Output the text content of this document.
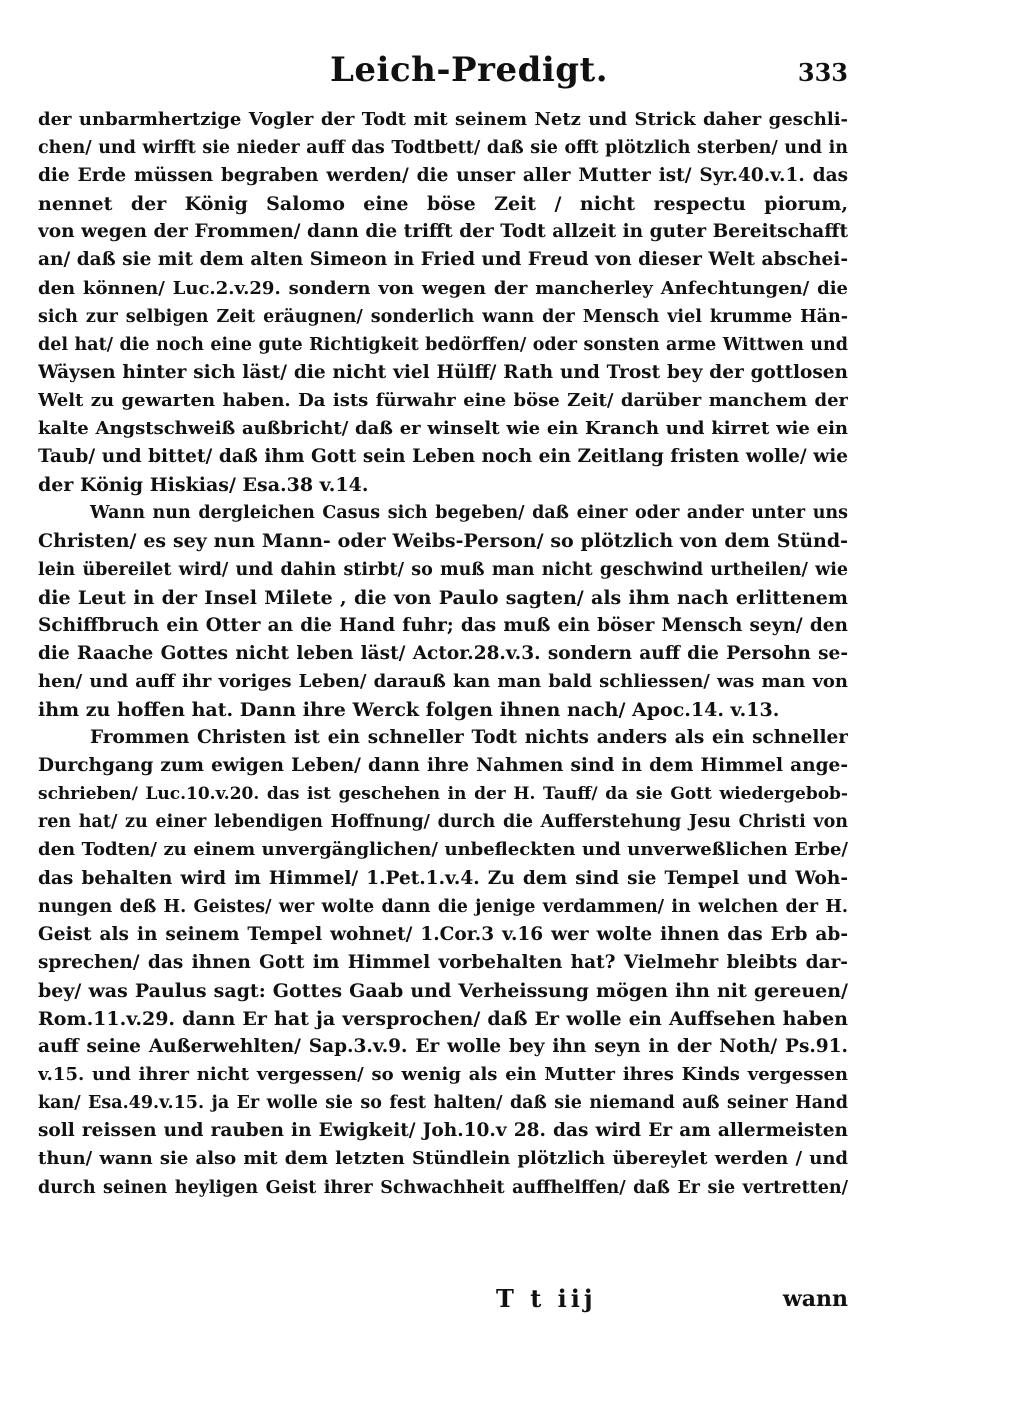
Leich-Predigt.	333
der unbarmhertzige Vogler der Todt mit seinem Netz und Strick daher geschli-
chen/ und wirfft sie nieder auff das Todtbett/ daß sie offt plötzlich sterben/ und in
die Erde müssen begraben werden/ die unser aller Mutter ist/ Syr.40.v.1. das
nennet der König Salomo eine böse Zeit / nicht respectu piorum,
von wegen der Frommen/ dann die trifft der Todt allzeit in guter Bereitschafft
an/ daß sie mit dem alten Simeon in Fried und Freud von dieser Welt abschei-
den können/ Luc.2.v.29. sondern von wegen der mancherley Anfechtungen/ die
sich zur selbigen Zeit eräugnen/ sonderlich wann der Mensch viel krumme Hän-
del hat/ die noch eine gute Richtigkeit bedörffen/ oder sonsten arme Wittwen und
Wäysen hinter sich läst/ die nicht viel Hülff/ Rath und Trost bey der gottlosen
Welt zu gewarten haben. Da ists fürwahr eine böse Zeit/ darüber manchem der
kalte Angstschweiß außbricht/ daß er winselt wie ein Kranch und kirret wie ein
Taub/ und bittet/ daß ihm Gott sein Leben noch ein Zeitlang fristen wolle/ wie
der König Hiskias/ Esa.38 v.14.
Wann nun dergleichen Casus sich begeben/ daß einer oder ander unter uns
Christen/ es sey nun Mann- oder Weibs-Person/ so plötzlich von dem Stünd-
lein übereilet wird/ und dahin stirbt/ so muß man nicht geschwind urtheilen/ wie
die Leut in der Insel Milete , die von Paulo sagten/ als ihm nach erlittenem
Schiffbruch ein Otter an die Hand fuhr; das muß ein böser Mensch seyn/ den
die Raache Gottes nicht leben läst/ Actor.28.v.3. sondern auff die Persohn se-
hen/ und auff ihr voriges Leben/ darauß kan man bald schliessen/ was man von
ihm zu hoffen hat. Dann ihre Werck folgen ihnen nach/ Apoc.14. v.13.
Frommen Christen ist ein schneller Todt nichts anders als ein schneller
Durchgang zum ewigen Leben/ dann ihre Nahmen sind in dem Himmel ange-
schrieben/ Luc.10.v.20. das ist geschehen in der H. Tauff/ da sie Gott wiedergebob-
ren hat/ zu einer lebendigen Hoffnung/ durch die Aufferstehung Jesu Christi von
den Todten/ zu einem unvergänglichen/ unbefleckten und unverweßlichen Erbe/
das behalten wird im Himmel/ 1.Pet.1.v.4. Zu dem sind sie Tempel und Woh-
nungen deß H. Geistes/ wer wolte dann die jenige verdammen/ in welchen der H.
Geist als in seinem Tempel wohnet/ 1.Cor.3 v.16 wer wolte ihnen das Erb ab-
sprechen/ das ihnen Gott im Himmel vorbehalten hat? Vielmehr bleibts dar-
bey/ was Paulus sagt: Gottes Gaab und Verheissung mögen ihn nit gereuen/
Rom.11.v.29. dann Er hat ja versprochen/ daß Er wolle ein Auffsehen haben
auff seine Außerwehlten/ Sap.3.v.9. Er wolle bey ihn seyn in der Noth/ Ps.91.
v.15. und ihrer nicht vergessen/ so wenig als ein Mutter ihres Kinds vergessen
kan/ Esa.49.v.15. ja Er wolle sie so fest halten/ daß sie niemand auß seiner Hand
soll reissen und rauben in Ewigkeit/ Joh.10.v 28. das wird Er am allermeisten
thun/ wann sie also mit dem letzten Stündlein plötzlich übereylet werden / und
durch seinen heyligen Geist ihrer Schwachheit auffhelffen/ daß Er sie vertretten/
T t iij	wann
